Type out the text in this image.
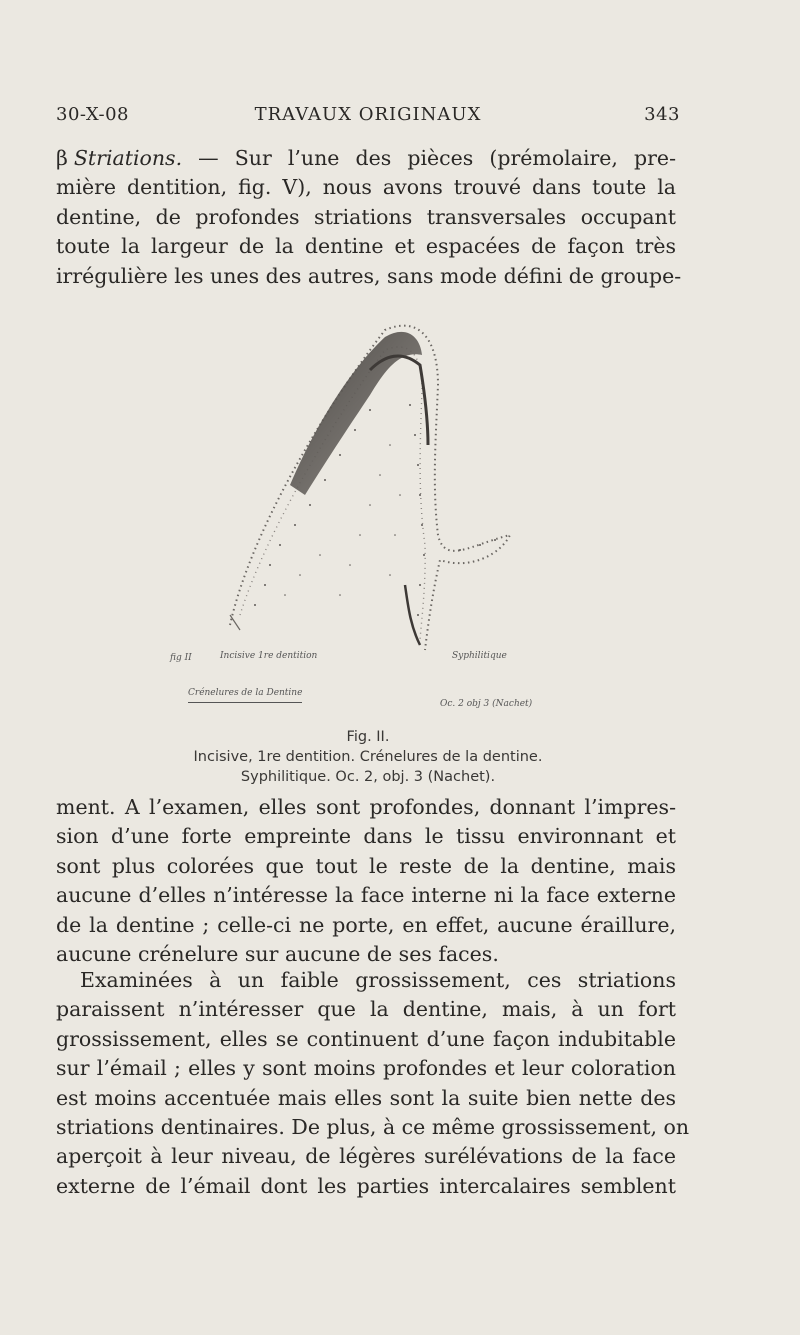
30-X-08	TRAVAUX ORIGINAUX	343
β Striations. — Sur l’une des pièces (prémolaire, pre-
mière dentition, fig. V), nous avons trouvé dans toute la
dentine, de profondes striations transversales occupant
toute la largeur de la dentine et espacées de façon très
irrégulière les unes des autres, sans mode défini de groupe-
fig II	Incisive 1re dentition	Syphilitique
Crénelures de la Dentine
Oc. 2 obj 3 (Nachet)
Fig. II.
Incisive, 1re dentition. Crénelures de la dentine.
Syphilitique. Oc. 2, obj. 3 (Nachet).
ment. A l’examen, elles sont profondes, donnant l’impres-
sion d’une forte empreinte dans le tissu environnant et
sont plus colorées que tout le reste de la dentine, mais
aucune d’elles n’intéresse la face interne ni la face externe
de la dentine ; celle-ci ne porte, en effet, aucune éraillure,
aucune crénelure sur aucune de ses faces.
Examinées à un faible grossissement, ces striations
paraissent n’intéresser que la dentine, mais, à un fort
grossissement, elles se continuent d’une façon indubitable
sur l’émail ; elles y sont moins profondes et leur coloration
est moins accentuée mais elles sont la suite bien nette des
striations dentinaires. De plus, à ce même grossissement, on
aperçoit à leur niveau, de légères surélévations de la face
externe de l’émail dont les parties intercalaires semblent
